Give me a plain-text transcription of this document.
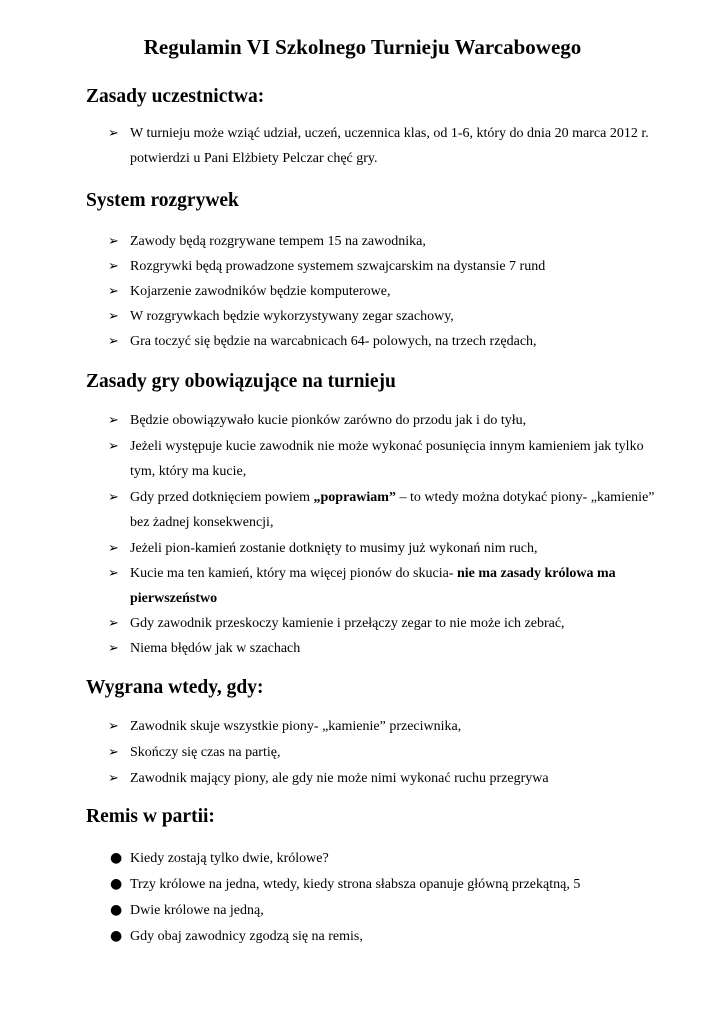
Regulamin VI Szkolnego Turnieju Warcabowego
Zasady uczestnictwa:
➢ W turnieju może wziąć udział, uczeń, uczennica klas, od 1-6, który do dnia 20 marca 2012 r. potwierdzi u Pani Elżbiety Pelczar chęć gry.
System rozgrywek
➢ Zawody będą rozgrywane tempem 15 na zawodnika,
➢ Rozgrywki będą prowadzone systemem szwajcarskim na dystansie 7 rund
➢ Kojarzenie zawodników będzie komputerowe,
➢ W rozgrywkach będzie wykorzystywany zegar szachowy,
➢ Gra toczyć się będzie na warcabnicach 64- polowych, na trzech rzędach,
Zasady gry obowiązujące na turnieju
➢ Będzie obowiązywało kucie pionków zarówno do przodu jak i do tyłu,
➢ Jeżeli występuje kucie zawodnik nie może wykonać posunięcia innym kamieniem jak tylko tym, który ma kucie,
➢ Gdy przed dotknięciem powiem „poprawiam” – to wtedy można dotykać piony- „kamienie” bez żadnej konsekwencji,
➢ Jeżeli pion-kamień zostanie dotknięty to musimy już wykonań nim ruch,
➢ Kucie ma ten kamień, który ma więcej pionów do skucia- nie ma zasady królowa ma pierwszeństwo
➢ Gdy zawodnik przeskoczy kamienie i przełączy zegar to nie może ich zebrać,
➢ Niema błędów jak w szachach
Wygrana wtedy, gdy:
➢ Zawodnik skuje wszystkie piony- „kamienie” przeciwnika,
➢ Skończy się czas na partię,
➢ Zawodnik mający piony, ale gdy nie może nimi wykonać ruchu przegrywa
Remis w partii:
● Kiedy zostają tylko dwie, królowe?
● Trzy królowe na jedna, wtedy, kiedy strona słabsza opanuje główną przekątną, 5
● Dwie królowe na jedną,
● Gdy obaj zawodnicy zgodzą się na remis,
